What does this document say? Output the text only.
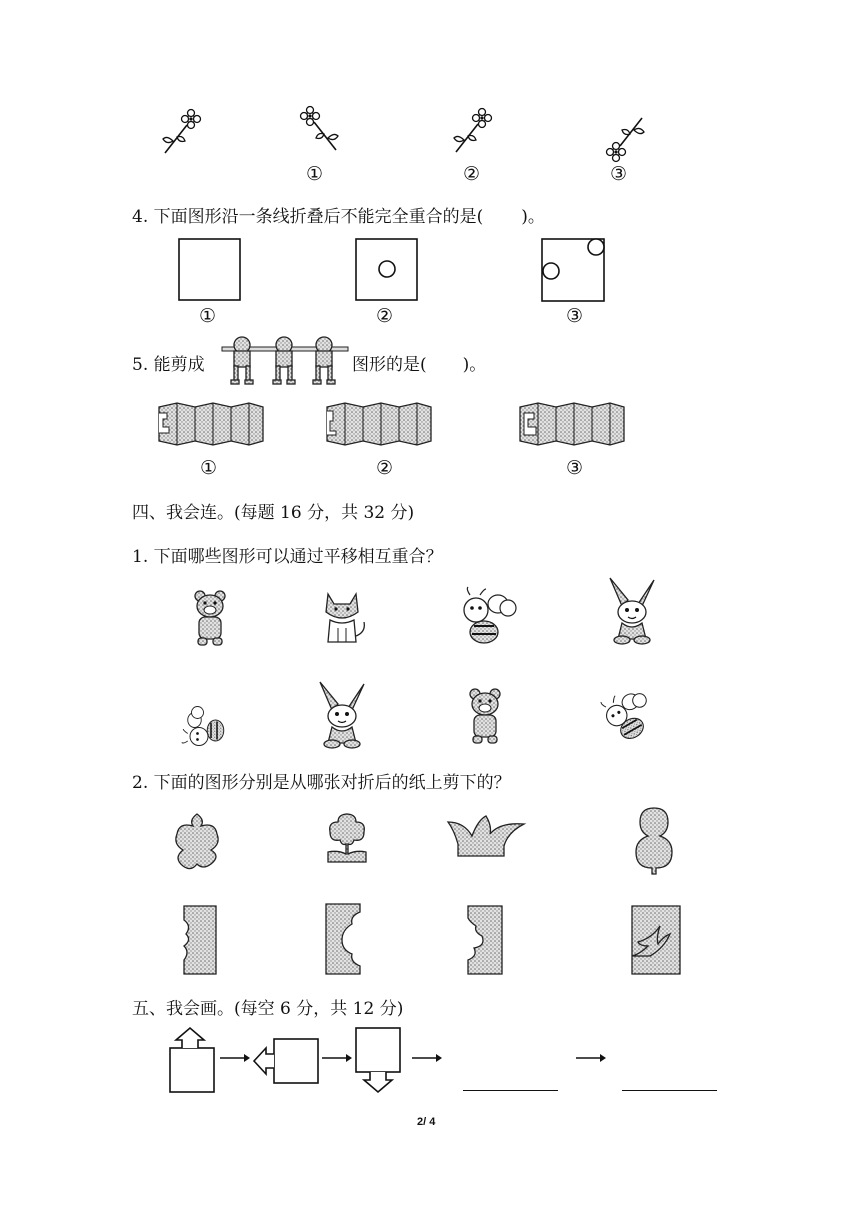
①	②	③
4. 下面图形沿一条线折叠后不能完全重合的是( )。
①	②	③
5. 能剪成	图形的是( )。
①	②	③
四、我会连。(每题 16 分，共 32 分)
1. 下面哪些图形可以通过平移相互重合？
2. 下面的图形分别是从哪张对折后的纸上剪下的？
五、我会画。(每空 6 分，共 12 分)
2/ 4
